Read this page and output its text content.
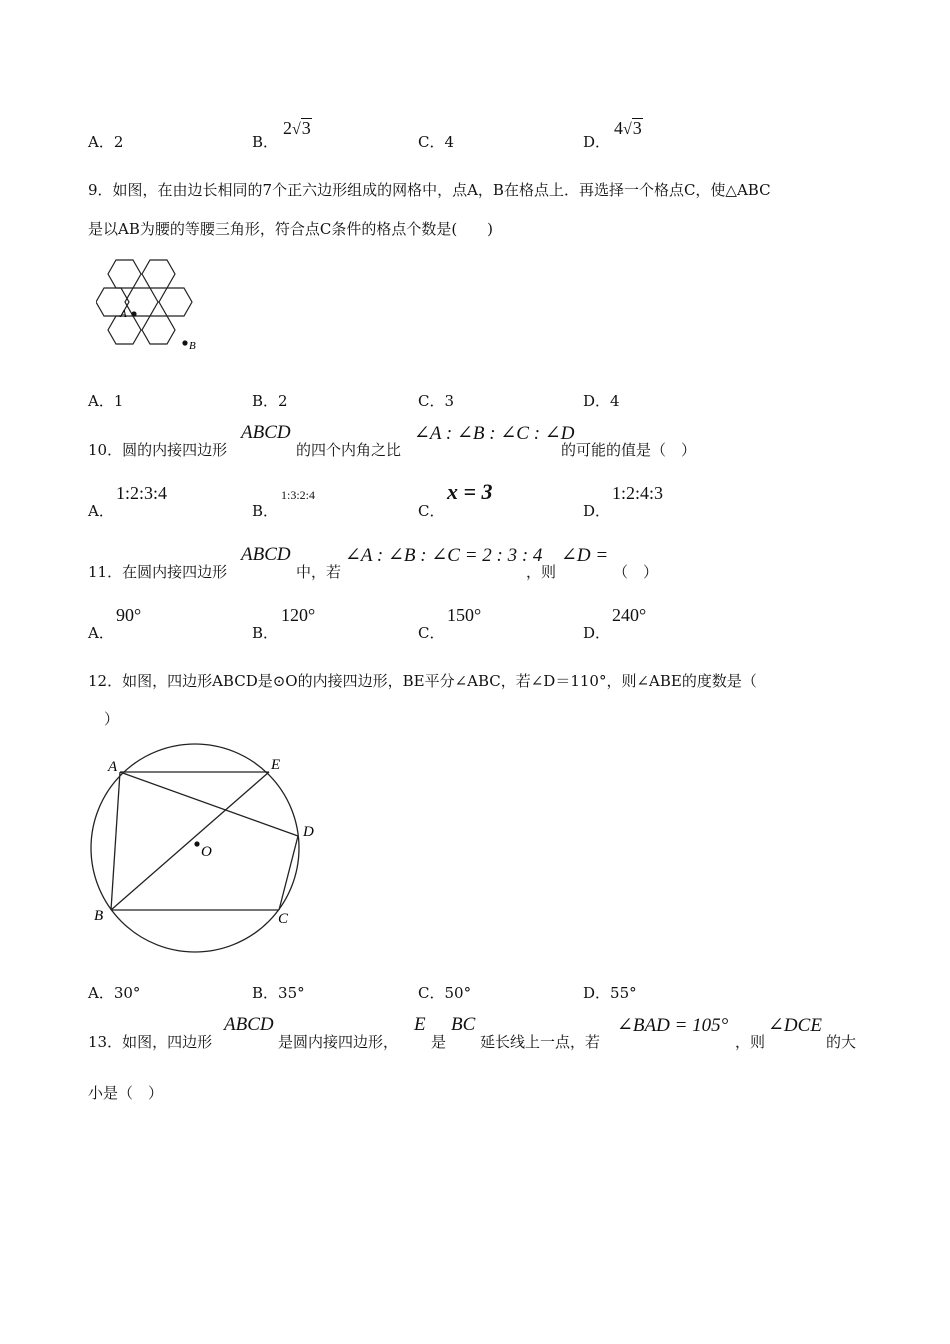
A．2	B．
2√3
C．4	D．
4√3
9．如图，在由边长相同的7个正六边形组成的网格中，点A，B在格点上．再选择一个格点C，使△ABC
是以AB为腰的等腰三角形，符合点C条件的格点个数是(　　)
A
B
A．1	B．2	C．3	D．4
10．圆的内接四边形
ABCD
的四个内角之比
∠A : ∠B : ∠C : ∠D
的可能的值是（　）
A．
1:2:3:4
B．
1:3:2:4
C．
x = 3
D．
1:2:4:3
11．在圆内接四边形
ABCD
中，若
∠A : ∠B : ∠C = 2 : 3 : 4
，则
∠D =
（　）
A．
90°
B．
120°
C．
150°
D．
240°
12．如图，四边形ABCD是⊙O的内接四边形，BE平分∠ABC，若∠D＝110°，则∠ABE的度数是（
）
A	E
D
O
B	C
A．30°	B．35°	C．50°	D．55°
13．如图，四边形
ABCD
是圆内接四边形，
E
是
BC
延长线上一点，若
∠BAD = 105°
，则
∠DCE
的大
小是（　）
